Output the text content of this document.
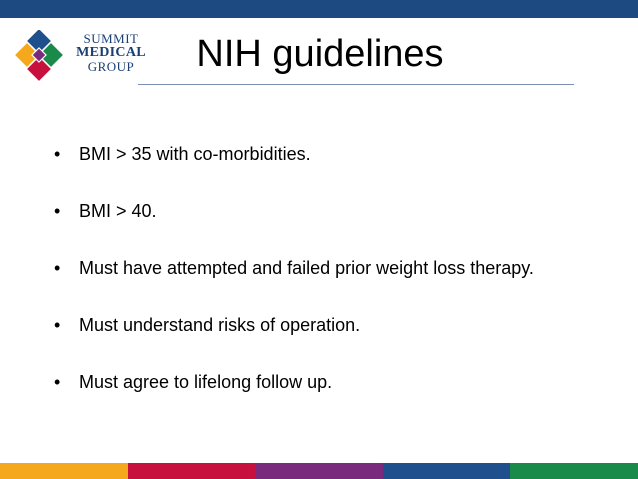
SUMMIT
MEDICAL
GROUP	NIH guidelines
• BMI > 35 with co-morbidities.
• BMI > 40.
• Must have attempted and failed prior weight loss therapy.
• Must understand risks of operation.
• Must agree to lifelong follow up.
